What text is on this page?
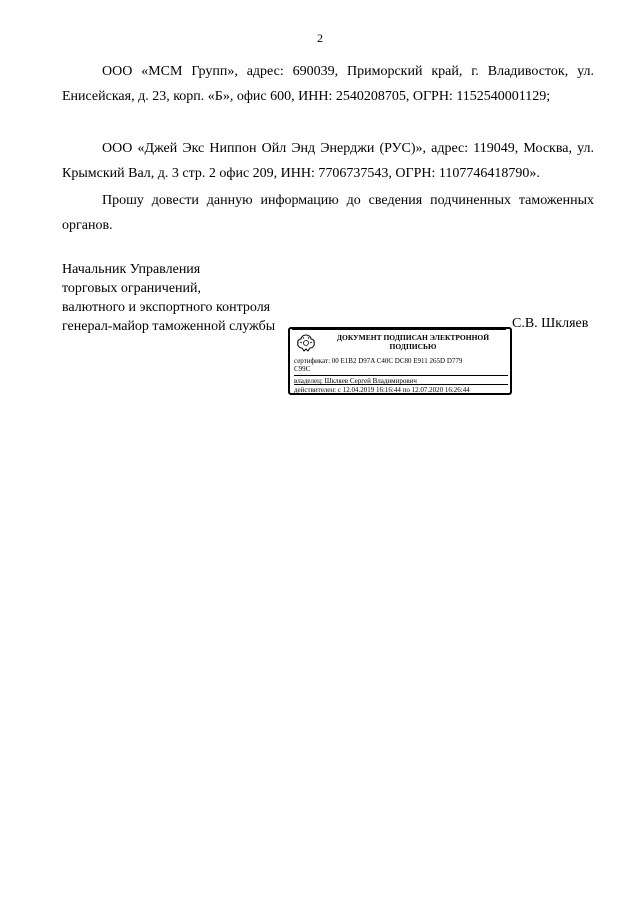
2

ООО «МСМ Групп», адрес: 690039, Приморский край, г. Владивосток, ул. Енисейская, д. 23, корп. «Б», офис 600, ИНН: 2540208705, ОГРН: 1152540001129;

ООО «Джей Экс Ниппон Ойл Энд Энерджи (РУС)», адрес: 119049, Москва, ул. Крымский Вал, д. 3 стр. 2 офис 209, ИНН: 7706737543, ОГРН: 1107746418790».

Прошу довести данную информацию до сведения подчиненных таможенных органов.

Начальник Управления
торговых ограничений,
валютного и экспортного контроля
генерал-майор таможенной службы	С.В. Шкляев
ДОКУМЕНТ ПОДПИСАН ЭЛЕКТРОННОЙ ПОДПИСЬЮ
сертификат: 00 E1B2 D97A C40C DC80 E911 265D D779
C99C
владелец: Шкляев Сергей Владимирович
действителен: с 12.04.2019 16:16:44 по 12.07.2020 16:26:44
